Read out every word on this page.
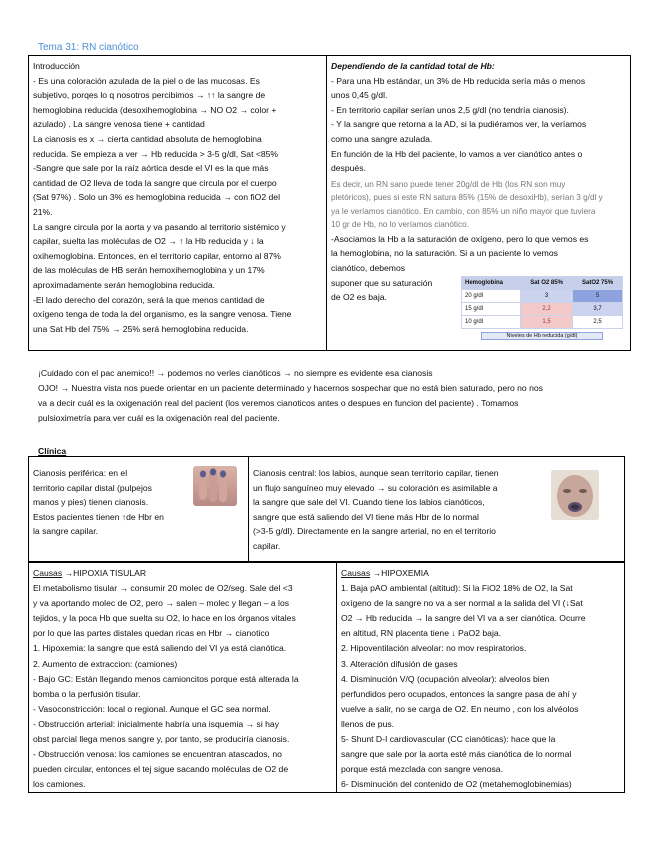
Tema 31: RN cianótico

Introducción

- Es una coloración azulada de la piel o de las mucosas. Es

subjetivo, porqes lo q nosotros percibimos → ↑↑ la sangre de

hemoglobina reducida (desoxihemoglobina → NO O2 → color +

azulado) . La sangre venosa tiene + cantidad

La cianosis es x → cierta cantidad absoluta de hemoglobina

reducida. Se empieza a ver → Hb reducida > 3-5 g/dl, Sat <85%

-Sangre que sale por la raíz aórtica desde el VI es la que más

cantidad de O2 lleva de toda la sangre que circula por el cuerpo

(Sat 97%) . Solo un 3% es hemoglobina reducida → con fiO2 del

21%.

La sangre circula por la aorta y va pasando al territorio sistémico y

capilar, suelta las moléculas de O2 → ↑ la Hb reducida y ↓ la

oxihemoglobina. Entonces, en el territorio capilar, entorno al 87%

de las moléculas de HB serán hemoxihemoglobina y un 17%

aproximadamente serán hemoglobina reducida.

-El lado derecho del corazón, será la que menos cantidad de

oxígeno tenga de toda la del organismo, es la sangre venosa. Tiene

una Sat Hb del 75% → 25% será hemoglobina reducida.

Dependiendo de la cantidad total de Hb:

- Para una Hb estándar, un 3% de Hb reducida sería más o menos

unos 0,45 g/dl.

- En territorio capilar serían unos 2,5 g/dl (no tendría cianosis).

- Y la sangre que retorna a la AD, si la pudiéramos ver, la veríamos

como una sangre azulada.

En función de la Hb del paciente, lo vamos a ver cianótico antes o

después.

Es decir, un RN sano puede tener 20g/dl de Hb (los RN son muy

pletóricos), pues si este RN satura 85% (15% de desoxiHb), serían 3 g/dl y

ya le veríamos cianótico. En cambio, con 85% un niño mayor que tuviera

10 gr de Hb, no lo veríamos cianótico.

-Asociamos la Hb a la saturación de oxígeno, pero lo que vemos es

la hemoglobina, no la saturación. Si a un paciente lo vemos

cianótico, debemos

suponer que su saturación

de O2 es baja.

Hemoglobina	Sat O2 85%	SatO2 75%
20 g/dl	3	5
15 g/dl	2,2	3,7
10 g/dl	1,5	2,5
Niveles de Hb reducida (g/dl)

¡Cuidado con el pac anemico!! → podemos no verles cianóticos → no siempre es evidente esa cianosis

OJO! → Nuestra vista nos puede orientar en un paciente determinado y hacernos sospechar que no está bien saturado, pero no nos

va a decir cuál es la oxigenación real del pacient (los veremos cianoticos antes o despues en funcion del paciente) . Tomamos

pulsioximetría para ver cuál es la oxigenación real del paciente.

Clínica

Cianosis periférica: en el

territorio capilar distal (pulpejos

manos y pies) tienen cianosis.

Estos pacientes tienen ↑de Hbr en

la sangre capilar.

Cianosis central: los labios, aunque sean territorio capilar, tienen

un flujo sanguíneo muy elevado → su coloración es asimilable a

la sangre que sale del VI. Cuando tiene los labios cianóticos,

sangre que está saliendo del VI tiene más Hbr de lo normal

(>3-5 g/dl). Directamente en la sangre arterial, no en el territorio

capilar.

Causas →HIPOXIA TISULAR

El metabolismo tisular → consumir 20 molec de O2/seg. Sale del <3

y va aportando molec de O2, pero → salen – molec y llegan – a los

tejidos, y la poca Hb que suelta su O2, lo hace en los órganos vitales

por lo que las partes distales quedan ricas en Hbr → cianotico

1. Hipoxemia: la sangre que está saliendo del VI ya está cianótica.

2. Aumento de extraccion: (camiones)

- Bajo GC: Están llegando menos camioncitos porque está alterada la

bomba o la perfusión tisular.

- Vasoconstricción: local o regional. Aunque el GC sea normal.

- Obstrucción arterial: inicialmente habría una isquemia → si hay

obst parcial llega menos sangre y, por tanto, se produciría cianosis.

- Obstrucción venosa: los camiones se encuentran atascados, no

pueden circular, entonces el tej sigue sacando moléculas de O2 de

los camiones.

Causas →HIPOXEMIA

1. Baja pAO ambiental (altitud): Si la FiO2 18% de O2, la Sat

oxígeno de la sangre no va a ser normal a la salida del VI (↓Sat

O2 → Hb reducida → la sangre del VI va a ser cianótica. Ocurre

en altitud, RN placenta tiene ↓ PaO2 baja.

2. Hipoventilación alveolar: no mov respiratorios.

3. Alteración difusión de gases

4. Disminución V/Q (ocupación alveolar): alveolos bien

perfundidos pero ocupados, entonces la sangre pasa de ahí y

vuelve a salir, no se carga de O2. En neumo , con los alvéolos

llenos de pus.

5- Shunt D-I cardiovascular (CC cianóticas): hace que la

sangre que sale por la aorta esté más cianótica de lo normal

porque está mezclada con sangre venosa.

6- Disminución del contenido de O2 (metahemoglobinemias)
